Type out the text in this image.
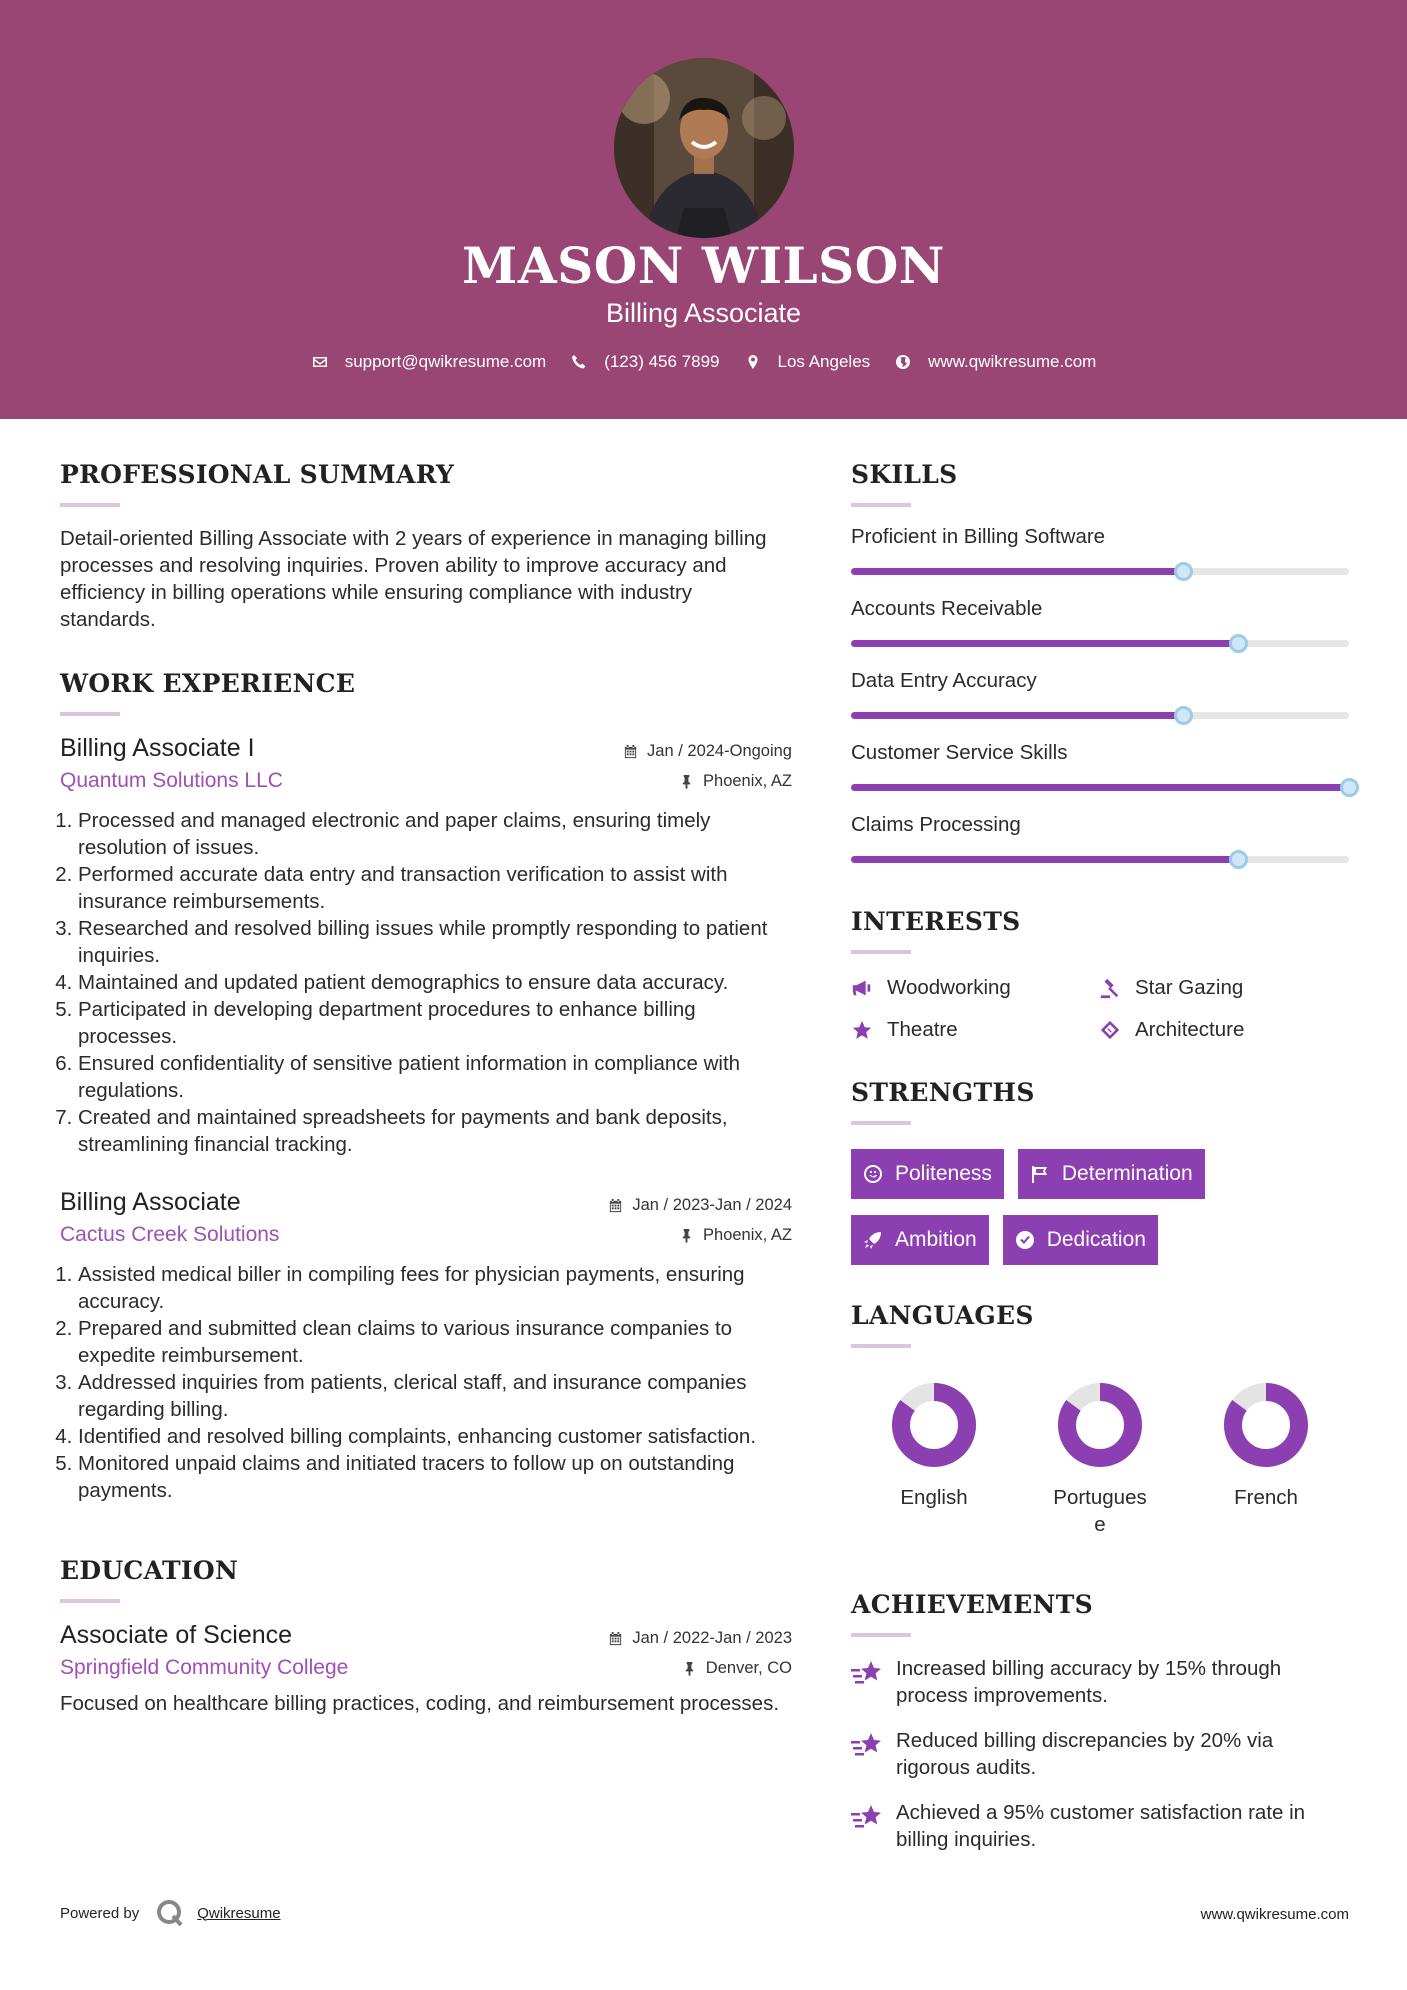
MASON WILSON
Billing Associate
support@qwikresume.com	(123) 456 7899	Los Angeles	www.qwikresume.com
PROFESSIONAL SUMMARY
Detail-oriented Billing Associate with 2 years of experience in managing billing processes and resolving inquiries. Proven ability to improve accuracy and efficiency in billing operations while ensuring compliance with industry standards.
WORK EXPERIENCE
Billing Associate I	Jan / 2024-Ongoing
Quantum Solutions LLC	Phoenix, AZ
1. Processed and managed electronic and paper claims, ensuring timely resolution of issues.
2. Performed accurate data entry and transaction verification to assist with insurance reimbursements.
3. Researched and resolved billing issues while promptly responding to patient inquiries.
4. Maintained and updated patient demographics to ensure data accuracy.
5. Participated in developing department procedures to enhance billing processes.
6. Ensured confidentiality of sensitive patient information in compliance with regulations.
7. Created and maintained spreadsheets for payments and bank deposits, streamlining financial tracking.
Billing Associate	Jan / 2023-Jan / 2024
Cactus Creek Solutions	Phoenix, AZ
1. Assisted medical biller in compiling fees for physician payments, ensuring accuracy.
2. Prepared and submitted clean claims to various insurance companies to expedite reimbursement.
3. Addressed inquiries from patients, clerical staff, and insurance companies regarding billing.
4. Identified and resolved billing complaints, enhancing customer satisfaction.
5. Monitored unpaid claims and initiated tracers to follow up on outstanding payments.
EDUCATION
Associate of Science	Jan / 2022-Jan / 2023
Springfield Community College	Denver, CO
Focused on healthcare billing practices, coding, and reimbursement processes.
SKILLS
Proficient in Billing Software
Accounts Receivable
Data Entry Accuracy
Customer Service Skills
Claims Processing
INTERESTS
Woodworking	Star Gazing
Theatre	Architecture
STRENGTHS
Politeness	Determination
Ambition	Dedication
LANGUAGES
English	Portugues
e
French
ACHIEVEMENTS
Increased billing accuracy by 15% through process improvements.
Reduced billing discrepancies by 20% via rigorous audits.
Achieved a 95% customer satisfaction rate in billing inquiries.
Powered by	Qwikresume	www.qwikresume.com
